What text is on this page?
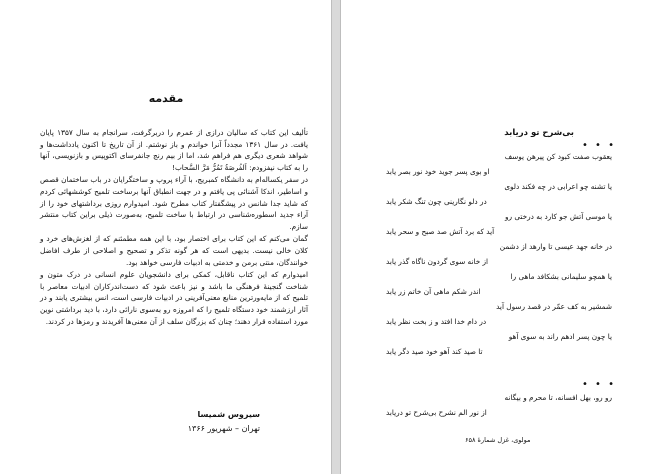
مقدمه

تألیف این کتاب که سالیان درازی از عمرم را دربرگرفت، سرانجام به سال ۱۳۵۷ پایان یافت. در سال ۱۳۶۱ مجدداً آنرا خواندم و باز نوشتم. از آن تاریخ تا اکنون یادداشت‌ها و شواهد شعری دیگری هم فراهم شد، اما از بیم رنج جانفرسای اکتوپیس و بازنویسی، آنها را به کتاب نیفزودم: اَلفُرصَةُ تَمُرُّ مَرَّ السَّحاب!

در سفر یکساله‌ام به دانشگاه کمبریج، با آراء پروپ و ساختگرایان در باب ساختمان قصص و اساطیر، اندکا آشنائی پی یافتم و در جهت انطباق آنها برساخت تلمیح کوششهائی کردم که شاید جدا شانس در پیشگفتار کتاب مطرح شود. امیدوارم روزی برداشتهای خود را از آراء جدید اسطوره‌شناسی در ارتباط با ساخت تلمیح، به‌صورت ذیلی براین کتاب منتشر سازم.

گمان می‌کنم که این کتاب برای اختصار بود، با این همه مطمئنم که از لغزش‌های خرد و کلان خالی نیست. بدیهی است که هر گونه تذکر و تصحیح و اصلاحی از طرف افاضل خوانندگان، منتی برمن و خدمتی به ادبیات فارسی خواهد بود.

امیدوارم که این کتاب ناقابل، کمکی برای دانشجویان علوم انسانی در درک متون و شناخت گنجینهٔ فرهنگی ما باشد و نیز باعث شود که دست‌اندرکاران ادبیات معاصر با تلمیح که از مایه‌ورترین منابع معنی‌آفرینی در ادبیات فارسی است، انس بیشتری یابند و در آثار ارزشمند خود دستگاه تلمیح را که امروزه رو به‌سوی نارائی دارد، با دید برداشتی نوین مورد استفاده قرار دهند؛ چنان که بزرگان سلف از آن معنی‌ها آفریدند و رمزها در کردند.

سیروس شمیسا
تهران – شهریور ۱۳۶۶
بی‌شرح تو دریابد
• • •
یعقوب صفت کبود کن پیرهن یوسف
او بوی پسر جوید خود نور بصر یابد
یا تشنه چو اعرابی در چه فکند دلوی
در دلو نگارینی چون تنگ شکر یابد
یا موسی آتش جو کارد به درختی رو
آید که برد آتش صد صبح و سحر یابد
در خانه جهد عیسی تا وارهد از دشمن
از خانه سوی گردون ناگاه گذر یابد
یا همچو سلیمانی بشکافد ماهی را
اندر شکم ماهی آن خاتم زر یابد
شمشیر به کف عمّر در قصد رسول آید
در دام خدا افتد و ز بخت نظر یابد
یا چون پسر ادهم راند به سوی آهو
تا صید کند آهو خود صید دگر یابد
• • •
رو رو، بهل افسانه، تا محرم و بیگانه
از نور الم نشرح بی‌شرح تو دریابد
مولوی، غزل شمارهٔ ۶۵۸
